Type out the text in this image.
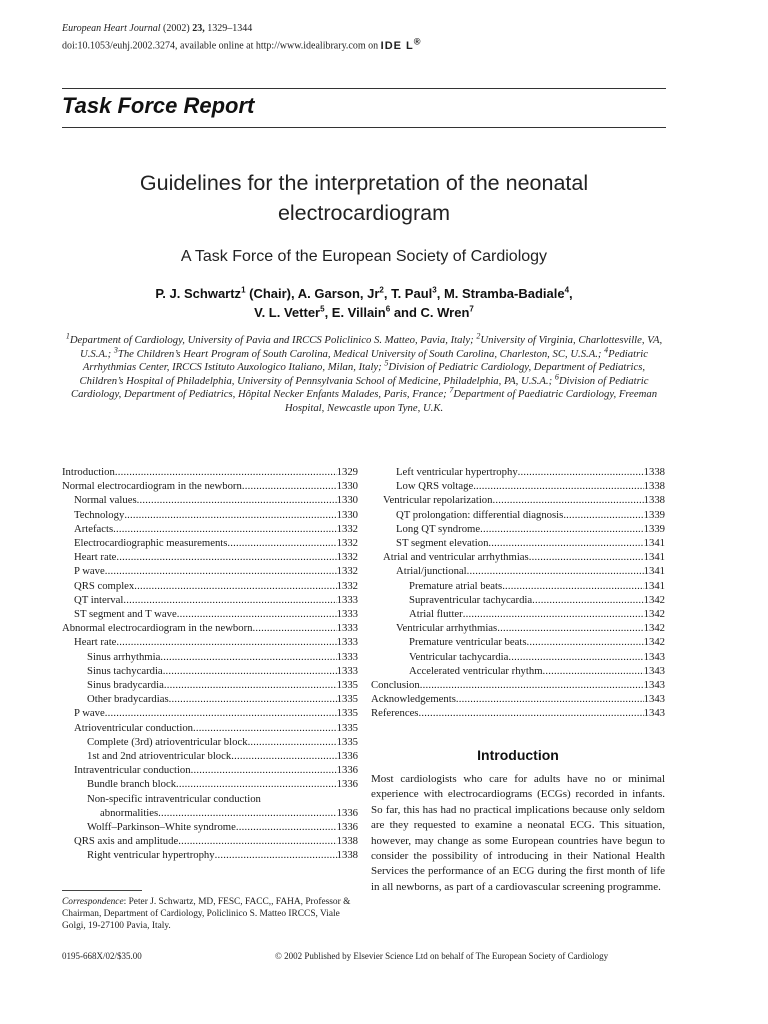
European Heart Journal (2002) 23, 1329–1344
doi:10.1053/euhj.2002.3274, available online at http://www.idealibrary.com on IDE L®
Task Force Report
Guidelines for the interpretation of the neonatal
electrocardiogram
A Task Force of the European Society of Cardiology
P. J. Schwartz$^1$ (Chair), A. Garson, Jr$^2$, T. Paul$^3$, M. Stramba-Badiale$^4$,
V. L. Vetter$^5$, E. Villain$^6$ and C. Wren$^7$
$^1$Department of Cardiology, University of Pavia and IRCCS Policlinico S. Matteo, Pavia, Italy; $^2$University of Virginia, Charlottesville, VA, U.S.A.; $^3$The Children’s Heart Program of South Carolina, Medical University of South Carolina, Charleston, SC, U.S.A.; $^4$Pediatric Arrhythmias Center, IRCCS Istituto Auxologico Italiano, Milan, Italy; $^5$Division of Pediatric Cardiology, Department of Pediatrics, Children’s Hospital of Philadelphia, University of Pennsylvania School of Medicine, Philadelphia, PA, U.S.A.; $^6$Division of Pediatric Cardiology, Department of Pediatrics, Hôpital Necker Enfants Malades, Paris, France; $^7$Department of Paediatric Cardiology, Freeman Hospital, Newcastle upon Tyne, U.K.
Introduction .....	1329
Normal electrocardiogram in the newborn .....	1330
Normal values .....	1330
Technology .....	1330
Artefacts .....	1332
Electrocardiographic measurements .....	1332
Heart rate .....	1332
P wave .....	1332
QRS complex .....	1332
QT interval .....	1333
ST segment and T wave .....	1333
Abnormal electrocardiogram in the newborn .....	1333
Heart rate .....	1333
Sinus arrhythmia .....	1333
Sinus tachycardia .....	1333
Sinus bradycardia .....	1335
Other bradycardias .....	1335
P wave .....	1335
Atrioventricular conduction .....	1335
Complete (3rd) atrioventricular block .....	1335
1st and 2nd atrioventricular block .....	1336
Intraventricular conduction .....	1336
Bundle branch block .....	1336
Non-specific intraventricular conduction
abnormalities .....	1336
Wolff–Parkinson–White syndrome .....	1336
QRS axis and amplitude .....	1338
Right ventricular hypertrophy .....	1338
Left ventricular hypertrophy .....	1338
Low QRS voltage .....	1338
Ventricular repolarization .....	1338
QT prolongation: differential diagnosis .....	1339
Long QT syndrome .....	1339
ST segment elevation .....	1341
Atrial and ventricular arrhythmias .....	1341
Atrial/junctional .....	1341
Premature atrial beats .....	1341
Supraventricular tachycardia .....	1342
Atrial flutter .....	1342
Ventricular arrhythmias .....	1342
Premature ventricular beats .....	1342
Ventricular tachycardia .....	1343
Accelerated ventricular rhythm .....	1343
Conclusion .....	1343
Acknowledgements .....	1343
References .....	1343
Introduction
Most cardiologists who care for adults have no or minimal experience with electrocardiograms (ECGs) recorded in infants. So far, this has had no practical implications because only seldom are they requested to examine a neonatal ECG. This situation, however, may change as some European countries have begun to consider the possibility of introducing in their National Health Services the performance of an ECG during the first month of life in all newborns, as part of a cardiovascular screening programme.
Correspondence: Peter J. Schwartz, MD, FESC, FACC,, FAHA, Professor & Chairman, Department of Cardiology, Policlinico S. Matteo IRCCS, Viale Golgi, 19-27100 Pavia, Italy.
0195-668X/02/$35.00	© 2002 Published by Elsevier Science Ltd on behalf of The European Society of Cardiology
